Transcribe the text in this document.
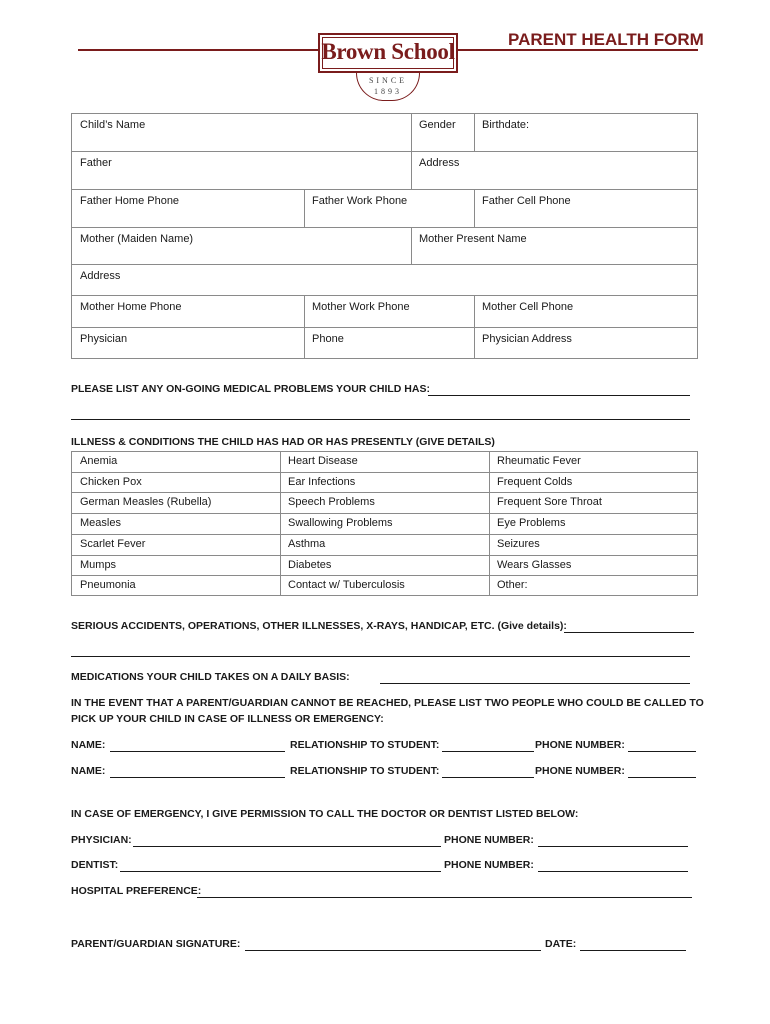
Brown School
SINCE
1893
PARENT HEALTH FORM
Child’s Name	Gender Birthdate:
Father	Address
Father Home Phone	Father Work Phone	Father Cell Phone
Mother (Maiden Name)	Mother Present Name
Address
Mother Home Phone	Mother Work Phone	Mother Cell Phone
Physician	Phone	Physician Address
PLEASE LIST ANY ON-GOING MEDICAL PROBLEMS YOUR CHILD HAS:
ILLNESS & CONDITIONS THE CHILD HAS HAD OR HAS PRESENTLY (GIVE DETAILS)
Anemia	Heart Disease	Rheumatic Fever
Chicken Pox	Ear Infections	Frequent Colds
German Measles (Rubella)	Speech Problems	Frequent Sore Throat
Measles	Swallowing Problems	Eye Problems
Scarlet Fever	Asthma	Seizures
Mumps	Diabetes	Wears Glasses
Pneumonia	Contact w/ Tuberculosis	Other:
SERIOUS ACCIDENTS, OPERATIONS, OTHER ILLNESSES, X-RAYS, HANDICAP, ETC. (Give details):
MEDICATIONS YOUR CHILD TAKES ON A DAILY BASIS:
IN THE EVENT THAT A PARENT/GUARDIAN CANNOT BE REACHED, PLEASE LIST TWO PEOPLE WHO COULD BE CALLED TO
PICK UP YOUR CHILD IN CASE OF ILLNESS OR EMERGENCY:
NAME:	RELATIONSHIP TO STUDENT:	PHONE NUMBER:
NAME:	RELATIONSHIP TO STUDENT:	PHONE NUMBER:
IN CASE OF EMERGENCY, I GIVE PERMISSION TO CALL THE DOCTOR OR DENTIST LISTED BELOW:
PHYSICIAN:	PHONE NUMBER:
DENTIST:	PHONE NUMBER:
HOSPITAL PREFERENCE:
PARENT/GUARDIAN SIGNATURE:	DATE:
